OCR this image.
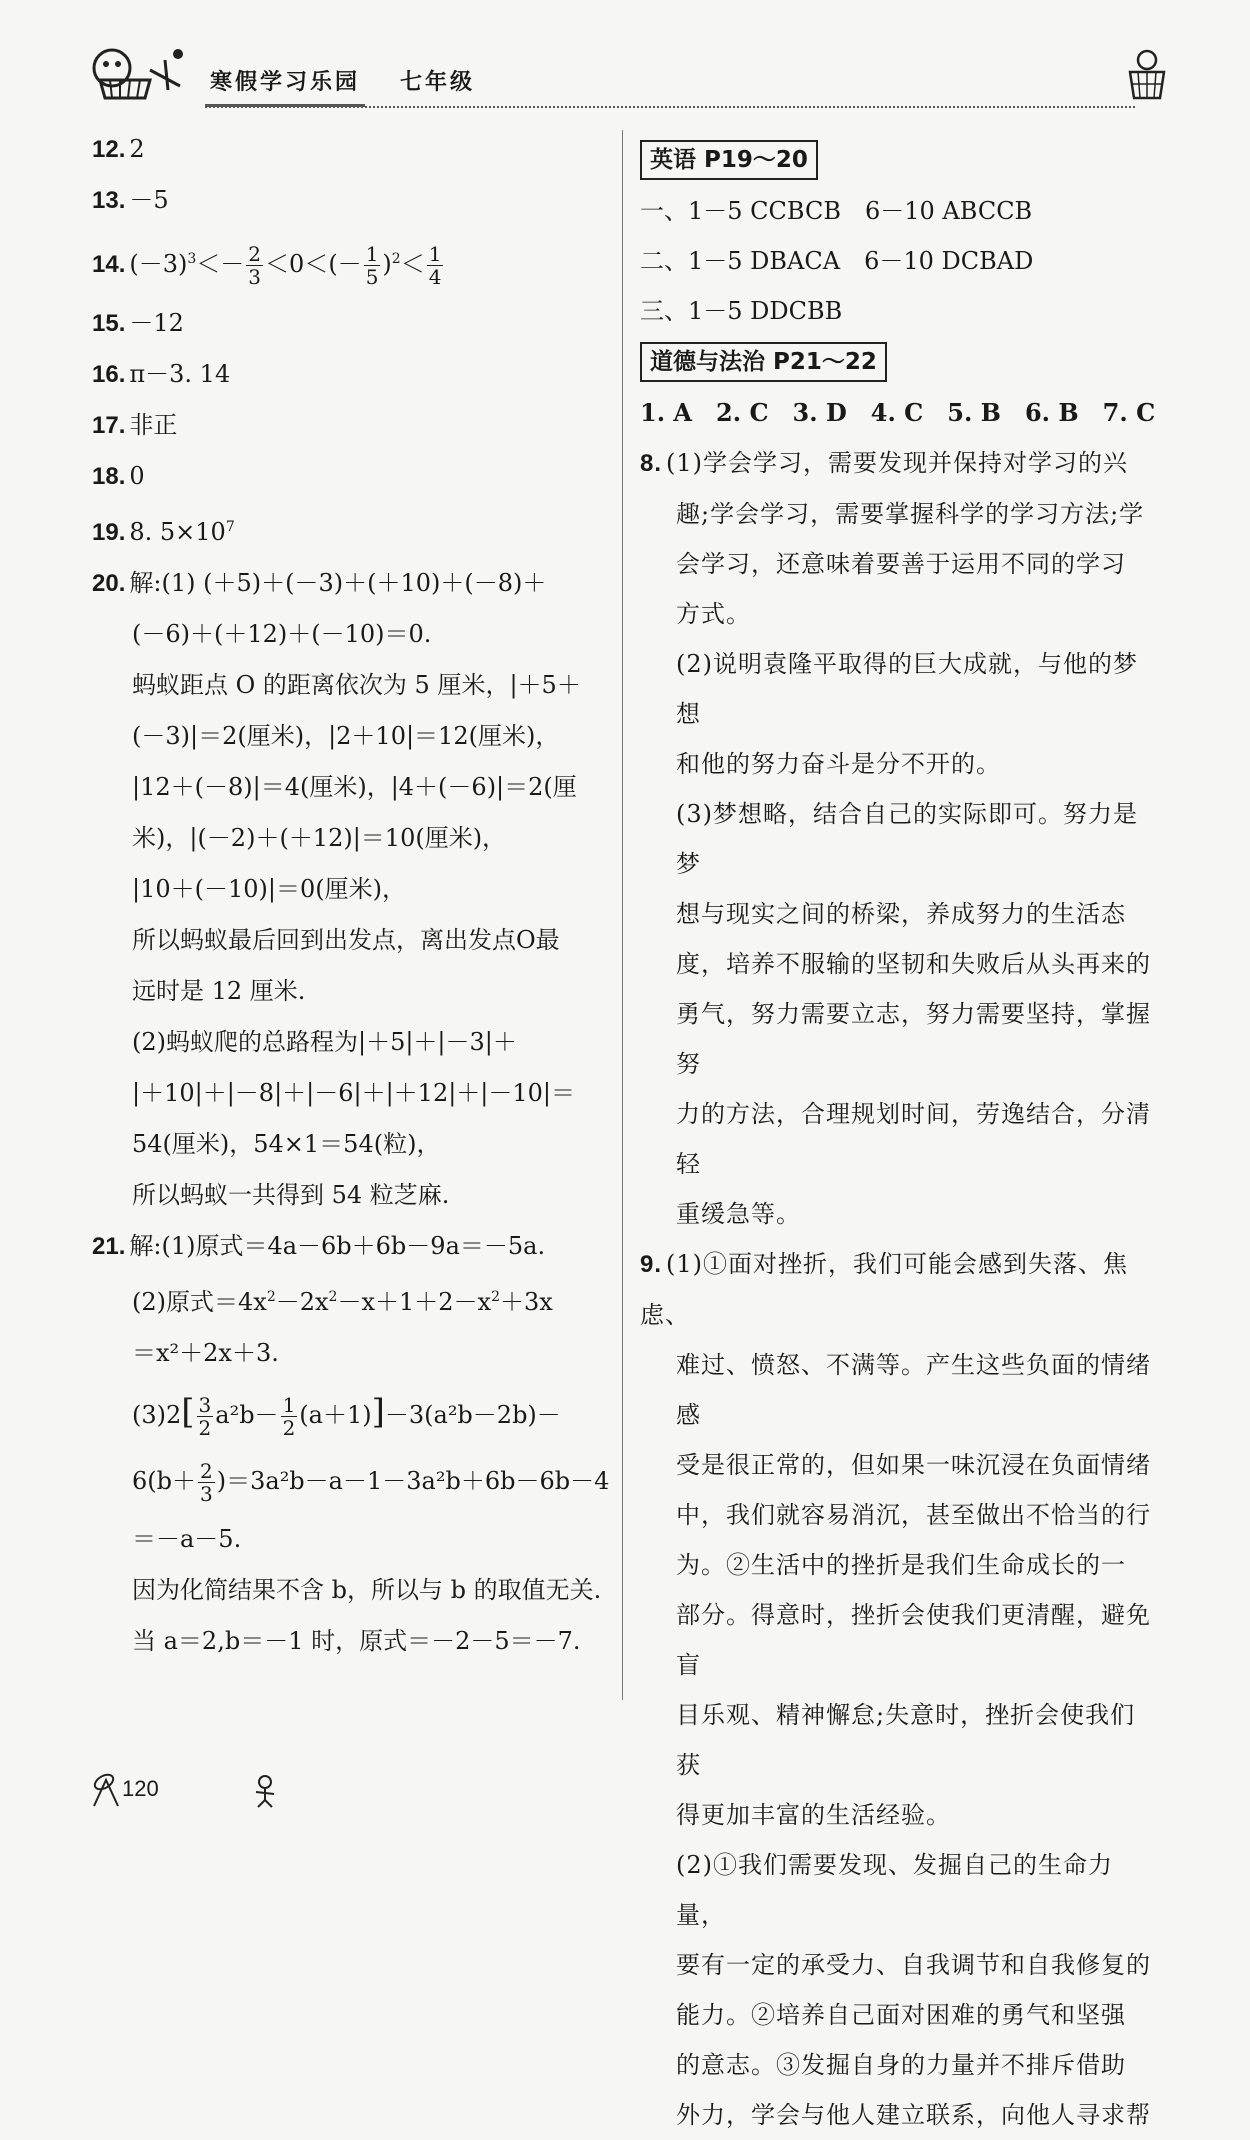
寒假学习乐园 七年级
12. 2
13. －5
14. $(-3)^3<- \frac{2}{3} <0<(- \frac{1}{5} )^2< \frac{1}{4}$
15. －12
16. π－3. 14
17. 非正
18. 0
19. 8. $5\times 10^7$
20. 解:(1) (＋5)＋(－3)＋(＋10)＋(－8)＋
(－6)＋(＋12)＋(－10)＝0.
蚂蚁距点 O 的距离依次为 5 厘米，|＋5＋
(－3)|＝2(厘米)，|2＋10|＝12(厘米)，
|12＋(－8)|＝4(厘米)，|4＋(－6)|＝2(厘
米)，|(－2)＋(＋12)|＝10(厘米)，
|10＋(－10)|＝0(厘米)，
所以蚂蚁最后回到出发点，离出发点O最
远时是 12 厘米.
(2)蚂蚁爬的总路程为|＋5|＋|－3|＋
|＋10|＋|－8|＋|－6|＋|＋12|＋|－10|＝
54(厘米)，54×1＝54(粒)，
所以蚂蚁一共得到 54 粒芝麻.
21. 解:(1)原式＝4a－6b＋6b－9a＝－5a.
(2)原式$=4x^2-2x^2-x+1+2-x^2+3x$
＝x²＋2x＋3.
$(3)2[ \frac{3}{2} a^2b- \frac{1}{2} (a+1)]-3(a^2b-2b)-$
$6(b+ \frac{2}{3} )=3a^2b-a-1-3a^2b+6b-6b-4$
＝－a－5.
因为化简结果不含 b，所以与 b 的取值无关.
当 a＝2,b＝－1 时，原式＝－2－5＝－7.
英语 P19～20
一、1－5 CCBCB　6－10 ABCCB
二、1－5 DBACA　6－10 DCBAD
三、1－5 DDCBB
道德与法治 P21～22
1. A　2. C　3. D　4. C　5. B　6. B　7. C
8. (1)学会学习，需要发现并保持对学习的兴
趣;学会学习，需要掌握科学的学习方法;学
会学习，还意味着要善于运用不同的学习
方式。
(2)说明袁隆平取得的巨大成就，与他的梦想
和他的努力奋斗是分不开的。
(3)梦想略，结合自己的实际即可。努力是梦
想与现实之间的桥梁，养成努力的生活态
度，培养不服输的坚韧和失败后从头再来的
勇气，努力需要立志，努力需要坚持，掌握努
力的方法，合理规划时间，劳逸结合，分清轻
重缓急等。
9. (1)①面对挫折，我们可能会感到失落、焦虑、
难过、愤怒、不满等。产生这些负面的情绪感
受是很正常的，但如果一味沉浸在负面情绪
中，我们就容易消沉，甚至做出不恰当的行
为。②生活中的挫折是我们生命成长的一
部分。得意时，挫折会使我们更清醒，避免盲
目乐观、精神懈怠;失意时，挫折会使我们获
得更加丰富的生活经验。
(2)①我们需要发现、发掘自己的生命力量，
要有一定的承受力、自我调节和自我修复的
能力。②培养自己面对困难的勇气和坚强
的意志。③发掘自身的力量并不排斥借助
外力，学会与他人建立联系，向他人寻求帮
120
